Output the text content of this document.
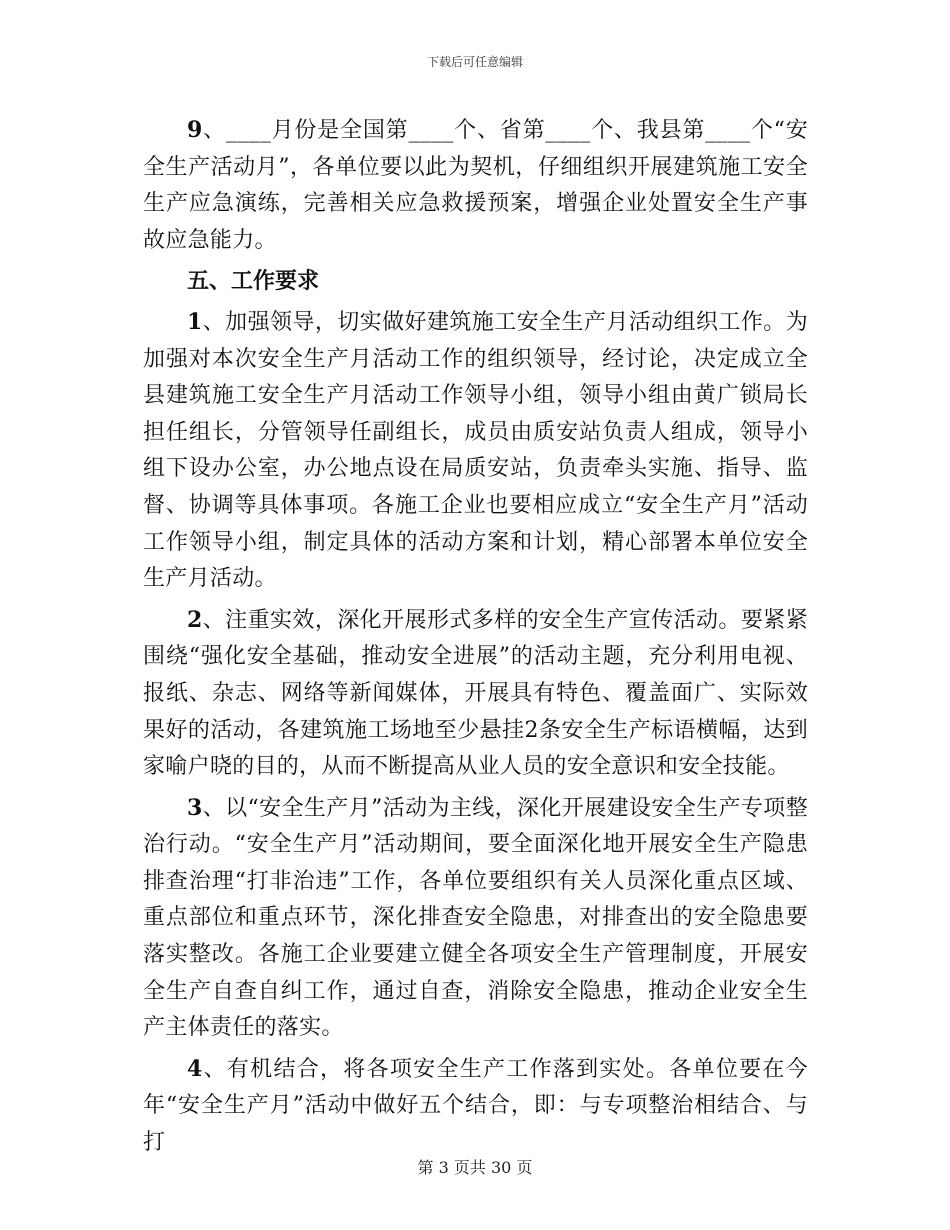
下载后可任意编辑

9、____月份是全国第____个、省第____个、我县第____个“安全生产活动月”，各单位要以此为契机，仔细组织开展建筑施工安全生产应急演练，完善相关应急救援预案，增强企业处置安全生产事故应急能力。

五、工作要求

1、加强领导，切实做好建筑施工安全生产月活动组织工作。为加强对本次安全生产月活动工作的组织领导，经讨论，决定成立全县建筑施工安全生产月活动工作领导小组，领导小组由黄广锁局长担任组长，分管领导任副组长，成员由质安站负责人组成，领导小组下设办公室，办公地点设在局质安站，负责牵头实施、指导、监督、协调等具体事项。各施工企业也要相应成立“安全生产月”活动工作领导小组，制定具体的活动方案和计划，精心部署本单位安全生产月活动。

2、注重实效，深化开展形式多样的安全生产宣传活动。要紧紧围绕“强化安全基础，推动安全进展”的活动主题，充分利用电视、报纸、杂志、网络等新闻媒体，开展具有特色、覆盖面广、实际效果好的活动，各建筑施工场地至少悬挂2条安全生产标语横幅，达到家喻户晓的目的，从而不断提高从业人员的安全意识和安全技能。

3、以“安全生产月”活动为主线，深化开展建设安全生产专项整治行动。“安全生产月”活动期间，要全面深化地开展安全生产隐患排查治理“打非治违”工作，各单位要组织有关人员深化重点区域、重点部位和重点环节，深化排查安全隐患，对排查出的安全隐患要落实整改。各施工企业要建立健全各项安全生产管理制度，开展安全生产自查自纠工作，通过自查，消除安全隐患，推动企业安全生产主体责任的落实。

4、有机结合，将各项安全生产工作落到实处。各单位要在今年“安全生产月”活动中做好五个结合，即：与专项整治相结合、与打

第 3 页共 30 页
